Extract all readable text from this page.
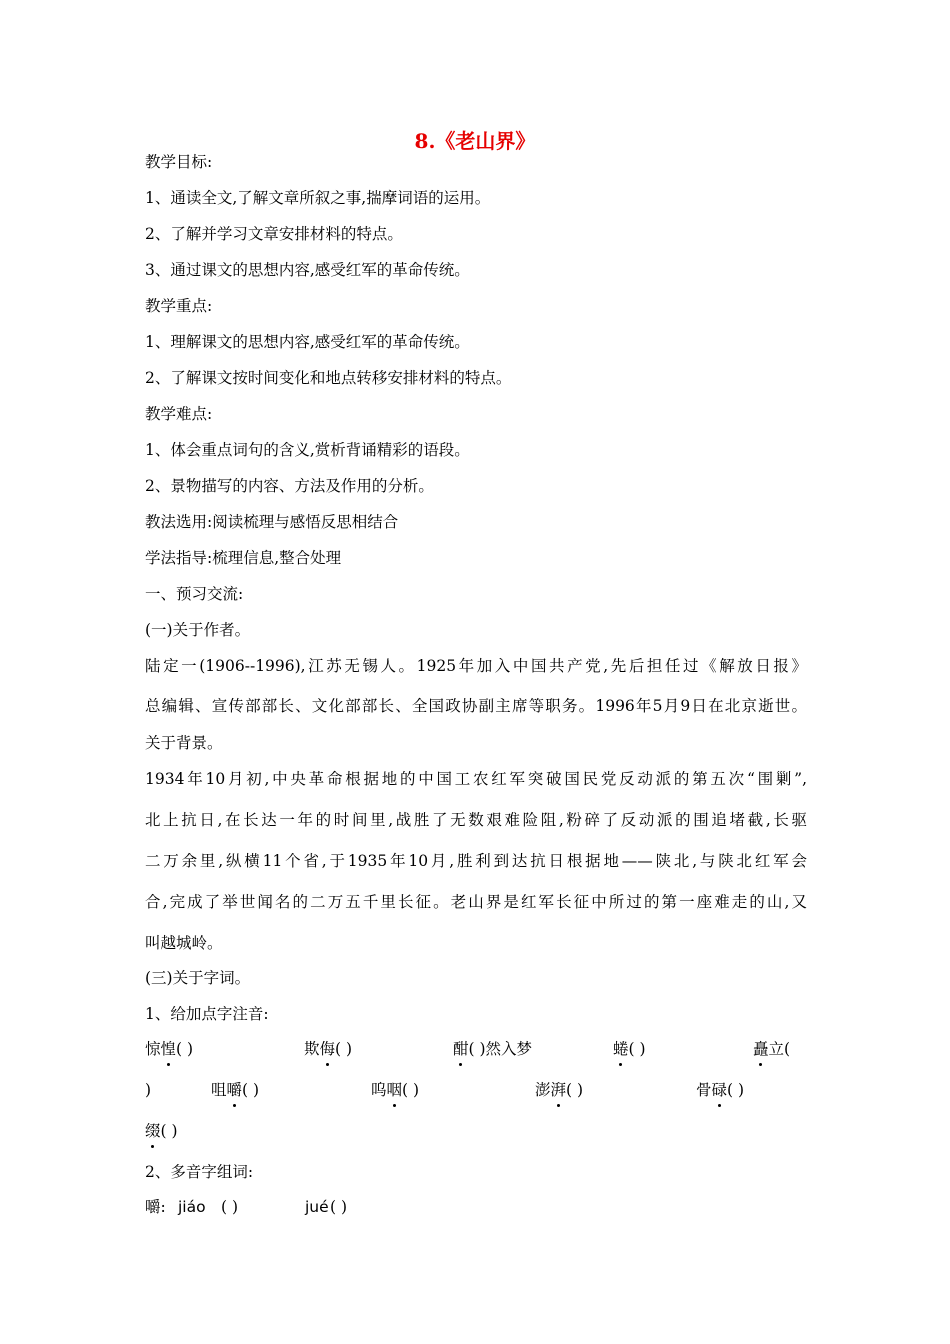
8.《老山界》
教学目标:
1、通读全文,了解文章所叙之事,揣摩词语的运用。
2、了解并学习文章安排材料的特点。
3、通过课文的思想内容,感受红军的革命传统。
教学重点:
1、理解课文的思想内容,感受红军的革命传统。
2、了解课文按时间变化和地点转移安排材料的特点。
教学难点:
1、体会重点词句的含义,赏析背诵精彩的语段。
2、景物描写的内容、方法及作用的分析。
教法选用:阅读梳理与感悟反思相结合
学法指导:梳理信息,整合处理
一、预习交流:
(一)关于作者。
陆定一(1906--1996),江苏无锡人。1925年加入中国共产党,先后担任过《解放日报》
总编辑、宣传部部长、文化部部长、全国政协副主席等职务。1996年5月9日在北京逝世。
关于背景。
1934年10月初,中央革命根据地的中国工农红军突破国民党反动派的第五次“围剿”,
北上抗日,在长达一年的时间里,战胜了无数艰难险阻,粉碎了反动派的围追堵截,长驱
二万余里,纵横11个省,于1935年10月,胜利到达抗日根据地——陕北,与陕北红军会
合,完成了举世闻名的二万五千里长征。老山界是红军长征中所过的第一座难走的山,又
叫越城岭。
(三)关于字词。
1、给加点字注音:
惊惶( )	欺侮( )	酣( )然入梦	蜷( )	矗立(
)	咀嚼( )	呜咽( )	澎湃( )	骨碌( )
缀( )
2、多音字组词:
嚼: jiáo ( )	jué ( )
